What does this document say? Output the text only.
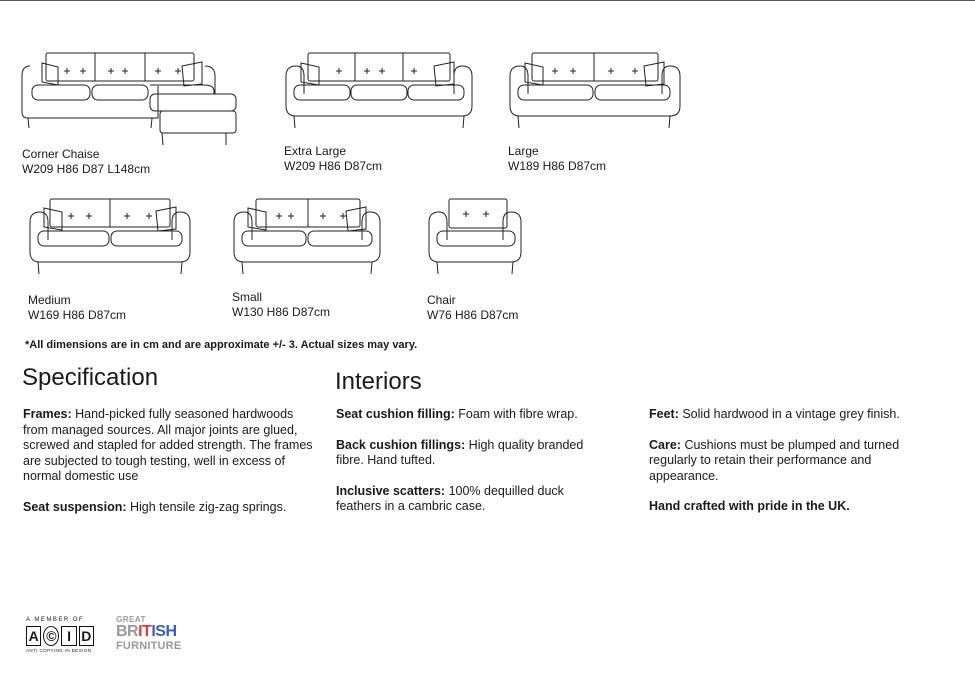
Corner Chaise
W209 H86 D87 L148cm
Extra Large
W209 H86 D87cm
Large
W189 H86 D87cm
Medium
W169 H86 D87cm
Small
W130 H86 D87cm
Chair
W76 H86 D87cm
*All dimensions are in cm and are approximate +/- 3. Actual sizes may vary.
Specification	Interiors

Frames: Hand-picked fully seasoned hardwoods from managed sources. All major joints are glued, screwed and stapled for added strength. The frames are subjected to tough testing, well in excess of normal domestic use

Seat suspension: High tensile zig-zag springs.

Seat cushion filling: Foam with fibre wrap.

Back cushion fillings: High quality branded fibre. Hand tufted.

Inclusive scatters: 100% dequilled duck feathers in a cambric case.

Feet: Solid hardwood in a vintage grey finish.

Care: Cushions must be plumped and turned regularly to retain their performance and appearance.

Hand crafted with pride in the UK.

A MEMBER OF
A © I D
ANTI COPYING IN DESIGN
GREAT
BRITISH
FURNITURE
